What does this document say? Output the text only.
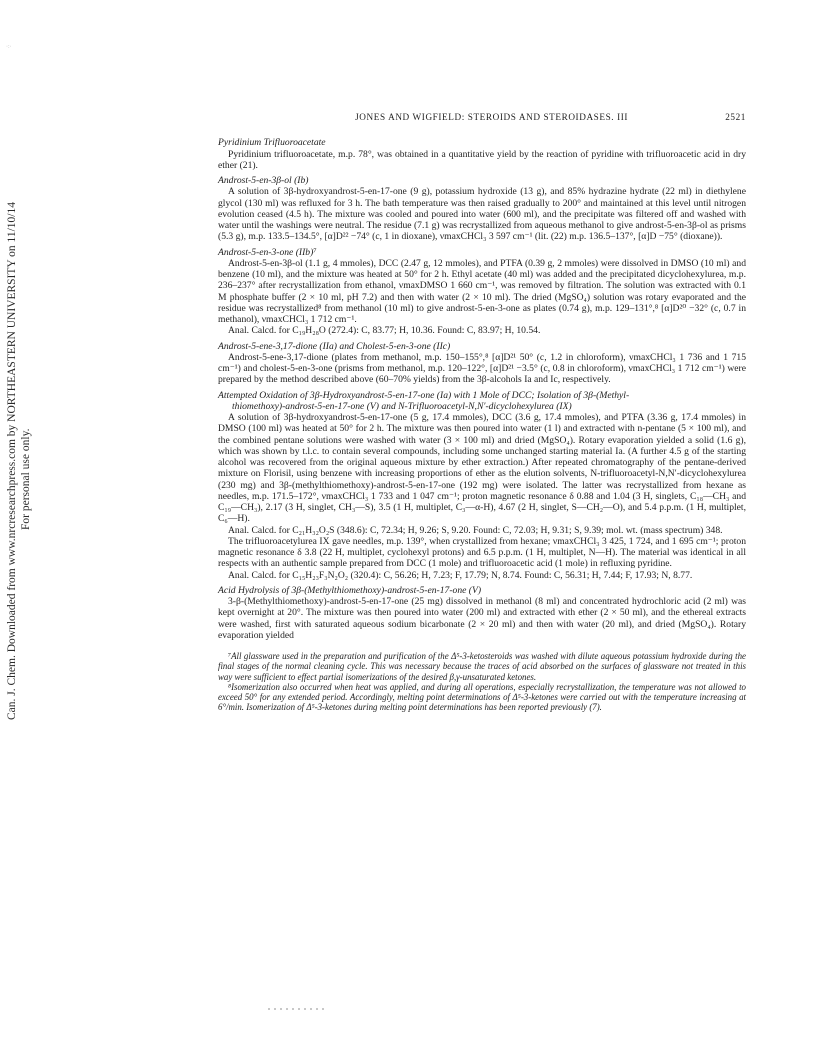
·:·
Can. J. Chem. Downloaded from www.nrcresearchpress.com by NORTHEASTERN UNIVERSITY on 11/10/14 For personal use only.
JONES AND WIGFIELD: STEROIDS AND STEROIDASES. III	2521
Pyridinium Trifluoroacetate

Pyridinium trifluoroacetate, m.p. 78°, was obtained in a quantitative yield by the reaction of pyridine with trifluoroacetic acid in dry ether (21).

Androst-5-en-3β-ol (Ib)

A solution of 3β-hydroxyandrost-5-en-17-one (9 g), potassium hydroxide (13 g), and 85% hydrazine hydrate (22 ml) in diethylene glycol (130 ml) was refluxed for 3 h. The bath temperature was then raised gradually to 200° and maintained at this level until nitrogen evolution ceased (4.5 h). The mixture was cooled and poured into water (600 ml), and the precipitate was filtered off and washed with water until the washings were neutral. The residue (7.1 g) was recrystallized from aqueous methanol to give androst-5-en-3β-ol as prisms (5.3 g), m.p. 133.5–134.5°, [α]D²² −74° (c, 1 in dioxane), νmaxCHCl₃ 3 597 cm⁻¹ (lit. (22) m.p. 136.5–137°, [α]D −75° (dioxane)).

Androst-5-en-3-one (IIb)⁷

Androst-5-en-3β-ol (1.1 g, 4 mmoles), DCC (2.47 g, 12 mmoles), and PTFA (0.39 g, 2 mmoles) were dissolved in DMSO (10 ml) and benzene (10 ml), and the mixture was heated at 50° for 2 h. Ethyl acetate (40 ml) was added and the precipitated dicyclohexylurea, m.p. 236–237° after recrystallization from ethanol, νmaxDMSO 1 660 cm⁻¹, was removed by filtration. The solution was extracted with 0.1 M phosphate buffer (2 × 10 ml, pH 7.2) and then with water (2 × 10 ml). The dried (MgSO₄) solution was rotary evaporated and the residue was recrystallized⁸ from methanol (10 ml) to give androst-5-en-3-one as plates (0.74 g), m.p. 129–131°,⁸ [α]D²⁰ −32° (c, 0.7 in methanol), νmaxCHCl₃ 1 712 cm⁻¹.

Anal. Calcd. for C₁₉H₂₈O (272.4): C, 83.77; H, 10.36. Found: C, 83.97; H, 10.54.

Androst-5-ene-3,17-dione (IIa) and Cholest-5-en-3-one (IIc)

Androst-5-ene-3,17-dione (plates from methanol, m.p. 150–155°,⁸ [α]D²¹ 50° (c, 1.2 in chloroform), νmaxCHCl₃ 1 736 and 1 715 cm⁻¹) and cholest-5-en-3-one (prisms from methanol, m.p. 120–122°, [α]D²¹ −3.5° (c, 0.8 in chloroform), νmaxCHCl₃ 1 712 cm⁻¹) were prepared by the method described above (60–70% yields) from the 3β-alcohols Ia and Ic, respectively.

Attempted Oxidation of 3β-Hydroxyandrost-5-en-17-one (Ia) with 1 Mole of DCC; Isolation of 3β-(Methyl-
thiomethoxy)-androst-5-en-17-one (V) and N-Trifluoroacetyl-N,N′-dicyclohexylurea (IX)

A solution of 3β-hydroxyandrost-5-en-17-one (5 g, 17.4 mmoles), DCC (3.6 g, 17.4 mmoles), and PTFA (3.36 g, 17.4 mmoles) in DMSO (100 ml) was heated at 50° for 2 h. The mixture was then poured into water (1 l) and extracted with n-pentane (5 × 100 ml), and the combined pentane solutions were washed with water (3 × 100 ml) and dried (MgSO₄). Rotary evaporation yielded a solid (1.6 g), which was shown by t.l.c. to contain several compounds, including some unchanged starting material Ia. (A further 4.5 g of the starting alcohol was recovered from the original aqueous mixture by ether extraction.) After repeated chromatography of the pentane-derived mixture on Florisil, using benzene with increasing proportions of ether as the elution solvents, N-trifluoroacetyl-N,N′-dicyclohexylurea (230 mg) and 3β-(methylthiomethoxy)-androst-5-en-17-one (192 mg) were isolated. The latter was recrystallized from hexane as needles, m.p. 171.5–172°, νmaxCHCl₃ 1 733 and 1 047 cm⁻¹; proton magnetic resonance δ 0.88 and 1.04 (3 H, singlets, C₁₈—CH₃ and C₁₉—CH₃), 2.17 (3 H, singlet, CH₃—S), 3.5 (1 H, multiplet, C₃—α-H), 4.67 (2 H, singlet, S—CH₂—O), and 5.4 p.p.m. (1 H, multiplet, C₆—H).

Anal. Calcd. for C₂₁H₃₂O₂S (348.6): C, 72.34; H, 9.26; S, 9.20. Found: C, 72.03; H, 9.31; S, 9.39; mol. wt. (mass spectrum) 348.

The trifluoroacetylurea IX gave needles, m.p. 139°, when crystallized from hexane; νmaxCHCl₃ 3 425, 1 724, and 1 695 cm⁻¹; proton magnetic resonance δ 3.8 (22 H, multiplet, cyclohexyl protons) and 6.5 p.p.m. (1 H, multiplet, N—H). The material was identical in all respects with an authentic sample prepared from DCC (1 mole) and trifluoroacetic acid (1 mole) in refluxing pyridine.

Anal. Calcd. for C₁₅H₂₃F₃N₂O₂ (320.4): C, 56.26; H, 7.23; F, 17.79; N, 8.74. Found: C, 56.31; H, 7.44; F, 17.93; N, 8.77.

Acid Hydrolysis of 3β-(Methylthiomethoxy)-androst-5-en-17-one (V)

3-β-(Methylthiomethoxy)-androst-5-en-17-one (25 mg) dissolved in methanol (8 ml) and concentrated hydrochloric acid (2 ml) was kept overnight at 20°. The mixture was then poured into water (200 ml) and extracted with ether (2 × 50 ml), and the ethereal extracts were washed, first with saturated aqueous sodium bicarbonate (2 × 20 ml) and then with water (20 ml), and dried (MgSO₄). Rotary evaporation yielded

⁷All glassware used in the preparation and purification of the Δ⁵-3-ketosteroids was washed with dilute aqueous potassium hydroxide during the final stages of the normal cleaning cycle. This was necessary because the traces of acid absorbed on the surfaces of glassware not treated in this way were sufficient to effect partial isomerizations of the desired β,γ-unsaturated ketones.

⁸Isomerization also occurred when heat was applied, and during all operations, especially recrystallization, the temperature was not allowed to exceed 50° for any extended period. Accordingly, melting point determinations of Δ⁵-3-ketones were carried out with the temperature increasing at 6°/min. Isomerization of Δ⁵-3-ketones during melting point determinations has been reported previously (7).
